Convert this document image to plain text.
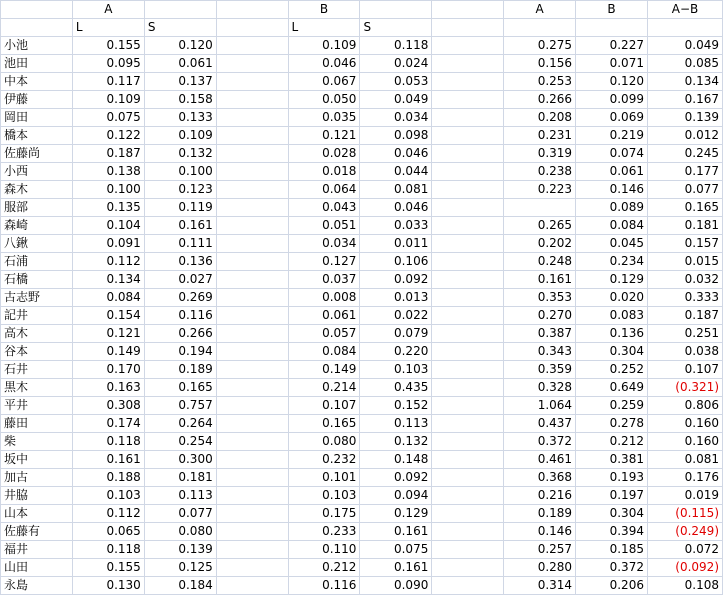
	A			B			A	B	A−B
	L	S		L	S				
小池	0.155	0.120		0.109	0.118		0.275	0.227	0.049
池田	0.095	0.061		0.046	0.024		0.156	0.071	0.085
中本	0.117	0.137		0.067	0.053		0.253	0.120	0.134
伊藤	0.109	0.158		0.050	0.049		0.266	0.099	0.167
岡田	0.075	0.133		0.035	0.034		0.208	0.069	0.139
橋本	0.122	0.109		0.121	0.098		0.231	0.219	0.012
佐藤尚	0.187	0.132		0.028	0.046		0.319	0.074	0.245
小西	0.138	0.100		0.018	0.044		0.238	0.061	0.177
森木	0.100	0.123		0.064	0.081		0.223	0.146	0.077
服部	0.135	0.119		0.043	0.046			0.089	0.165
森崎	0.104	0.161		0.051	0.033		0.265	0.084	0.181
八鍬	0.091	0.111		0.034	0.011		0.202	0.045	0.157
石浦	0.112	0.136		0.127	0.106		0.248	0.234	0.015
石橋	0.134	0.027		0.037	0.092		0.161	0.129	0.032
古志野	0.084	0.269		0.008	0.013		0.353	0.020	0.333
記井	0.154	0.116		0.061	0.022		0.270	0.083	0.187
高木	0.121	0.266		0.057	0.079		0.387	0.136	0.251
谷本	0.149	0.194		0.084	0.220		0.343	0.304	0.038
石井	0.170	0.189		0.149	0.103		0.359	0.252	0.107
黒木	0.163	0.165		0.214	0.435		0.328	0.649	(0.321)
平井	0.308	0.757		0.107	0.152		1.064	0.259	0.806
藤田	0.174	0.264		0.165	0.113		0.437	0.278	0.160
柴	0.118	0.254		0.080	0.132		0.372	0.212	0.160
坂中	0.161	0.300		0.232	0.148		0.461	0.381	0.081
加古	0.188	0.181		0.101	0.092		0.368	0.193	0.176
井脇	0.103	0.113		0.103	0.094		0.216	0.197	0.019
山本	0.112	0.077		0.175	0.129		0.189	0.304	(0.115)
佐藤有	0.065	0.080		0.233	0.161		0.146	0.394	(0.249)
福井	0.118	0.139		0.110	0.075		0.257	0.185	0.072
山田	0.155	0.125		0.212	0.161		0.280	0.372	(0.092)
永島	0.130	0.184		0.116	0.090		0.314	0.206	0.108
